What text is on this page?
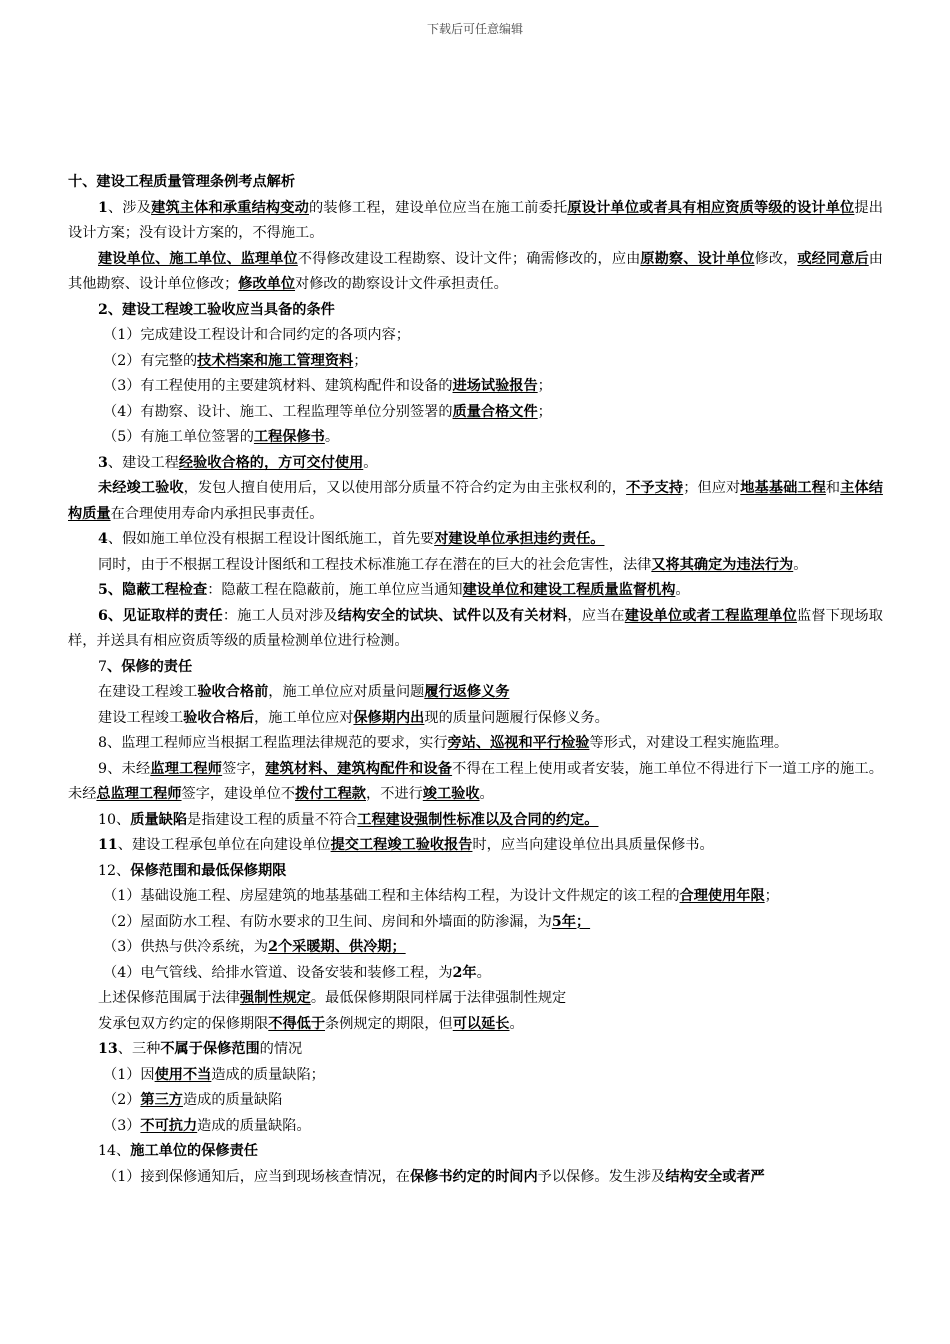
下载后可任意编辑

十、建设工程质量管理条例考点解析

1、涉及建筑主体和承重结构变动的装修工程，建设单位应当在施工前委托原设计单位或者具有相应资质等级的设计单位提出设计方案；没有设计方案的，不得施工。

建设单位、施工单位、监理单位不得修改建设工程勘察、设计文件；确需修改的，应由原勘察、设计单位修改，或经同意后由其他勘察、设计单位修改；修改单位对修改的勘察设计文件承担责任。

2、建设工程竣工验收应当具备的条件

（1）完成建设工程设计和合同约定的各项内容；

（2）有完整的技术档案和施工管理资料；

（3）有工程使用的主要建筑材料、建筑构配件和设备的进场试验报告；

（4）有勘察、设计、施工、工程监理等单位分别签署的质量合格文件；

（5）有施工单位签署的工程保修书。

3、建设工程经验收合格的，方可交付使用。

未经竣工验收，发包人擅自使用后，又以使用部分质量不符合约定为由主张权利的，不予支持；但应对地基基础工程和主体结构质量在合理使用寿命内承担民事责任。

4、假如施工单位没有根据工程设计图纸施工，首先要对建设单位承担违约责任。

同时，由于不根据工程设计图纸和工程技术标准施工存在潜在的巨大的社会危害性，法律又将其确定为违法行为。

5、隐蔽工程检查：隐蔽工程在隐蔽前，施工单位应当通知建设单位和建设工程质量监督机构。

6、见证取样的责任：施工人员对涉及结构安全的试块、试件以及有关材料，应当在建设单位或者工程监理单位监督下现场取样，并送具有相应资质等级的质量检测单位进行检测。

7、保修的责任

在建设工程竣工验收合格前，施工单位应对质量问题履行返修义务

建设工程竣工验收合格后，施工单位应对保修期内出现的质量问题履行保修义务。

8、监理工程师应当根据工程监理法律规范的要求，实行旁站、巡视和平行检验等形式，对建设工程实施监理。

9、未经监理工程师签字，建筑材料、建筑构配件和设备不得在工程上使用或者安装，施工单位不得进行下一道工序的施工。未经总监理工程师签字，建设单位不拨付工程款，不进行竣工验收。

10、质量缺陷是指建设工程的质量不符合工程建设强制性标准以及合同的约定。

11、建设工程承包单位在向建设单位提交工程竣工验收报告时，应当向建设单位出具质量保修书。

12、保修范围和最低保修期限

（1）基础设施工程、房屋建筑的地基基础工程和主体结构工程，为设计文件规定的该工程的合理使用年限；

（2）屋面防水工程、有防水要求的卫生间、房间和外墙面的防渗漏，为5年；

（3）供热与供冷系统，为2个采暖期、供冷期；

（4）电气管线、给排水管道、设备安装和装修工程，为2年。

上述保修范围属于法律强制性规定。最低保修期限同样属于法律强制性规定

发承包双方约定的保修期限不得低于条例规定的期限，但可以延长。

13、三种不属于保修范围的情况

（1）因使用不当造成的质量缺陷；

（2）第三方造成的质量缺陷

（3）不可抗力造成的质量缺陷。

14、施工单位的保修责任

（1）接到保修通知后，应当到现场核查情况，在保修书约定的时间内予以保修。发生涉及结构安全或者严
